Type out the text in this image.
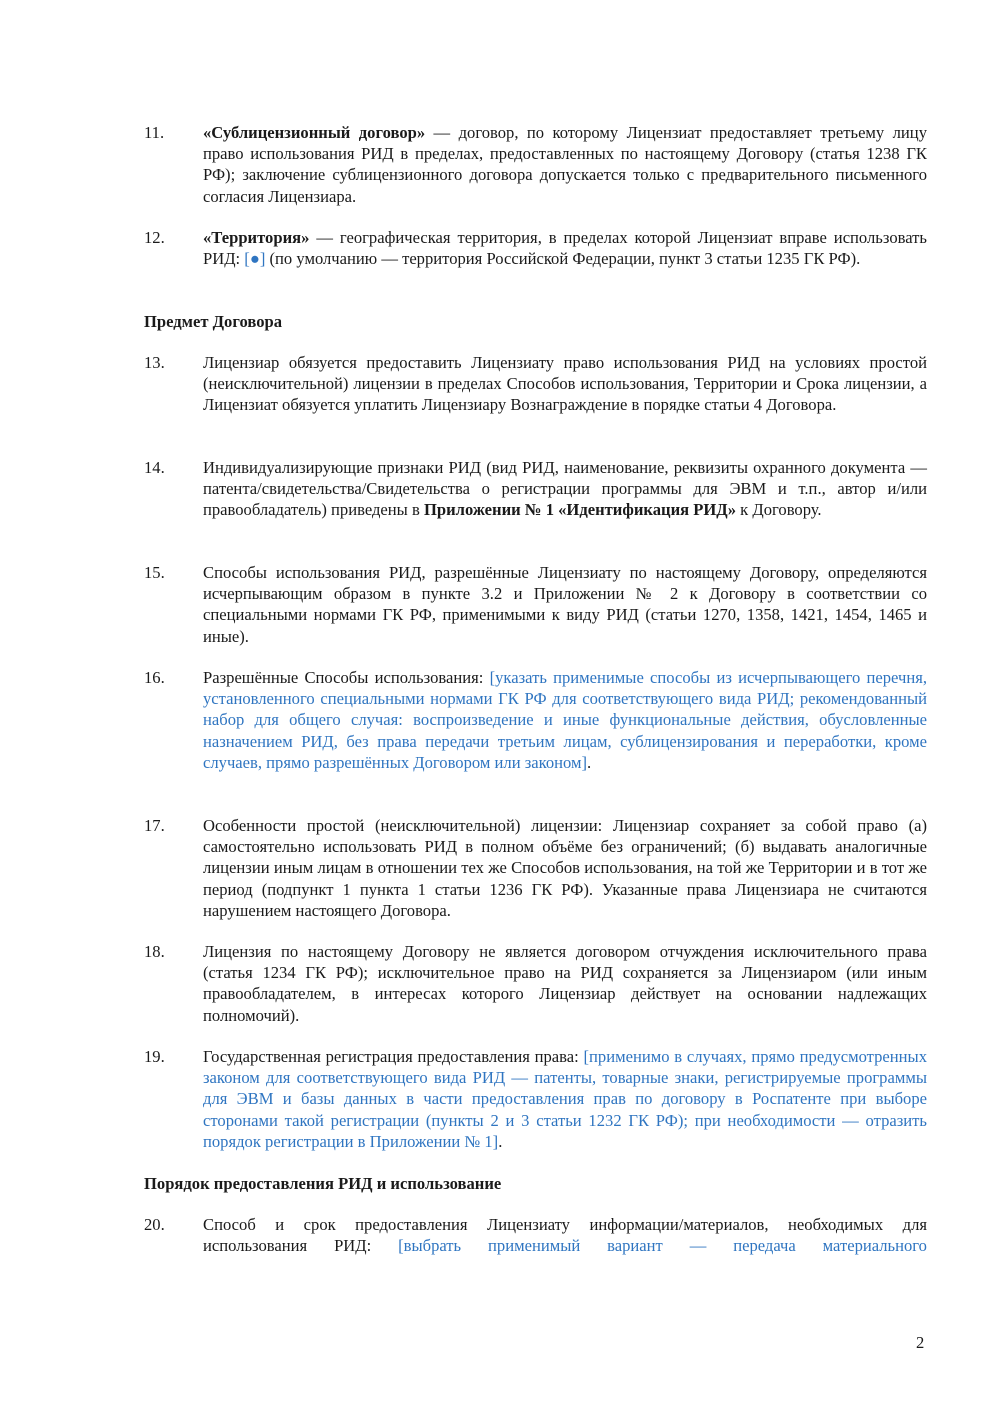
11.	«Сублицензионный договор» — договор, по которому Лицензиат предоставляет третьему лицу право использования РИД в пределах, предоставленных по настоящему Договору (статья 1238 ГК РФ); заключение сублицензионного договора допускается только с предварительного письменного согласия Лицензиара.
12.	«Территория» — географическая территория, в пределах которой Лицензиат вправе использовать РИД: [●] (по умолчанию — территория Российской Федерации, пункт 3 статьи 1235 ГК РФ).
Предмет Договора
13.	Лицензиар обязуется предоставить Лицензиату право использования РИД на условиях простой (неисключительной) лицензии в пределах Способов использования, Территории и Срока лицензии, а Лицензиат обязуется уплатить Лицензиару Вознаграждение в порядке статьи 4 Договора.
14.	Индивидуализирующие признаки РИД (вид РИД, наименование, реквизиты охранного документа — патента/свидетельства/Свидетельства о регистрации программы для ЭВМ и т.п., автор и/или правообладатель) приведены в Приложении № 1 «Идентификация РИД» к Договору.
15.	Способы использования РИД, разрешённые Лицензиату по настоящему Договору, определяются исчерпывающим образом в пункте 3.2 и Приложении № 2 к Договору в соответствии со специальными нормами ГК РФ, применимыми к виду РИД (статьи 1270, 1358, 1421, 1454, 1465 и иные).
16.	Разрешённые Способы использования: [указать применимые способы из исчерпывающего перечня, установленного специальными нормами ГК РФ для соответствующего вида РИД; рекомендованный набор для общего случая: воспроизведение и иные функциональные действия, обусловленные назначением РИД, без права передачи третьим лицам, сублицензирования и переработки, кроме случаев, прямо разрешённых Договором или законом].
17.	Особенности простой (неисключительной) лицензии: Лицензиар сохраняет за собой право (а) самостоятельно использовать РИД в полном объёме без ограничений; (б) выдавать аналогичные лицензии иным лицам в отношении тех же Способов использования, на той же Территории и в тот же период (подпункт 1 пункта 1 статьи 1236 ГК РФ). Указанные права Лицензиара не считаются нарушением настоящего Договора.
18.	Лицензия по настоящему Договору не является договором отчуждения исключительного права (статья 1234 ГК РФ); исключительное право на РИД сохраняется за Лицензиаром (или иным правообладателем, в интересах которого Лицензиар действует на основании надлежащих полномочий).
19.	Государственная регистрация предоставления права: [применимо в случаях, прямо предусмотренных законом для соответствующего вида РИД — патенты, товарные знаки, регистрируемые программы для ЭВМ и базы данных в части предоставления прав по договору в Роспатенте при выборе сторонами такой регистрации (пункты 2 и 3 статьи 1232 ГК РФ); при необходимости — отразить порядок регистрации в Приложении № 1].
Порядок предоставления РИД и использование
20.	Способ и срок предоставления Лицензиату информации/материалов, необходимых для использования РИД: [выбрать применимый вариант — передача материального
2
